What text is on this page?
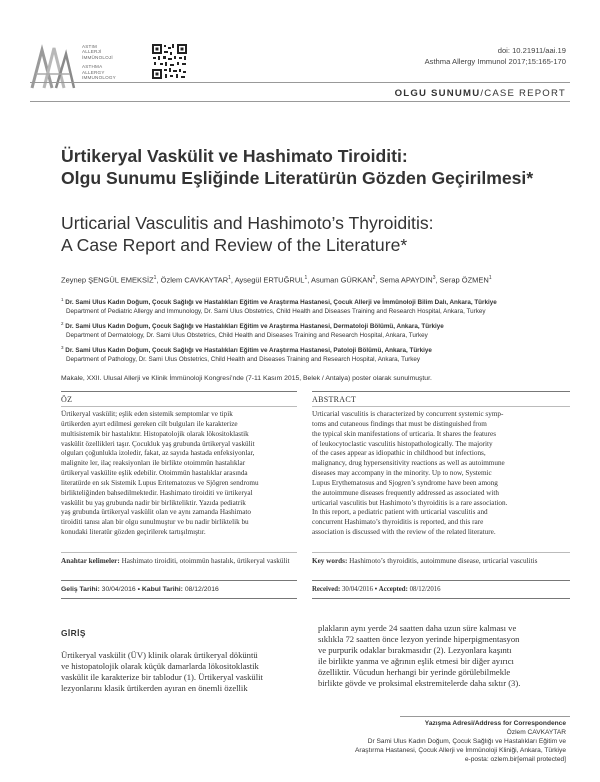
ASTIM
ALLERJİ
İMMÜNOLOJİ
ASTHMA
ALLERGY
IMMUNOLOGY
doi: 10.21911/aai.19
Asthma Allergy Immunol 2017;15:165-170
OLGU SUNUMU/CASE REPORT
Ürtikeryal Vaskülit ve Hashimato Tiroiditi:
Olgu Sunumu Eşliğinde Literatürün Gözden Geçirilmesi*
Urticarial Vasculitis and Hashimoto’s Thyroiditis:
A Case Report and Review of the Literature*
Zeynep ŞENGÜL EMEKSİZ$^1$, Özlem CAVKAYTAR$^1$, Aysegül ERTUĞRUL$^1$, Asuman GÜRKAN$^2$, Sema APAYDIN$^3$, Serap ÖZMEN$^1$
$^1$ Dr. Sami Ulus Kadın Doğum, Çocuk Sağlığı ve Hastalıkları Eğitim ve Araştırma Hastanesi, Çocuk Allerji ve İmmünoloji Bilim Dalı, Ankara, Türkiye
Department of Pediatric Allergy and Immunology, Dr. Sami Ulus Obstetrics, Child Health and Diseases Training and Research Hospital, Ankara, Turkey
$^2$ Dr. Sami Ulus Kadın Doğum, Çocuk Sağlığı ve Hastalıkları Eğitim ve Araştırma Hastanesi, Dermatoloji Bölümü, Ankara, Türkiye
Department of Dermatology, Dr. Sami Ulus Obstetrics, Child Health and Diseases Training and Research Hospital, Ankara, Turkey
$^3$ Dr. Sami Ulus Kadın Doğum, Çocuk Sağlığı ve Hastalıkları Eğitim ve Araştırma Hastanesi, Patoloji Bölümü, Ankara, Türkiye
Department of Pathology, Dr. Sami Ulus Obstetrics, Child Health and Diseases Training and Research Hospital, Ankara, Turkey
Makale, XXII. Ulusal Allerji ve Klinik İmmünoloji Kongresi’nde (7-11 Kasım 2015, Belek / Antalya) poster olarak sunulmuştur.
ÖZ
Ürtikeryal vaskülit; eşlik eden sistemik semptomlar ve tipik
ürtikerden ayırt edilmesi gereken cilt bulguları ile karakterize
multisistemik bir hastalıktır. Histopatolojik olarak lökositoklastik
vaskülit özellikleri taşır. Çocukluk yaş grubunda ürtikeryal vaskülit
olguları çoğunlukla izoledir, fakat, az sayıda hastada enfeksiyonlar,
malignite ler, ilaç reaksiyonları ile birlikte otoimmün hastalıklar
ürtikeryal vaskülite eşlik edebilir. Otoimmün hastalıklar arasında
literatürde en sık Sistemik Lupus Eritematozus ve Sjögren sendromu
birlikteliğinden bahsedilmektedir. Hashimato tiroiditi ve ürtikeryal
vaskülit bu yaş grubunda nadir bir birlikteliktir. Yazıda pediatrik
yaş grubunda ürtikeryal vaskülit olan ve aynı zamanda Hashimato
tiroiditi tanısı alan bir olgu sunulmuştur ve bu nadir birliktelik bu
konudaki literatür gözden geçirilerek tartışılmıştır.
Anahtar kelimeler: Hashimato tiroiditi, otoimmün hastalık, ürtikeryal vaskülit
Geliş Tarihi: 30/04/2016 • Kabul Tarihi: 08/12/2016
ABSTRACT
Urticarial vasculitis is characterized by concurrent systemic symp-
toms and cutaneous findings that must be distinguished from
the typical skin manifestations of urticaria. It shares the features
of leukocytoclastic vasculitis histopathologically. The majority
of the cases appear as idiopathic in childhood but infections,
malignancy, drug hypersensitivity reactions as well as autoimmune
diseases may accompany in the minority. Up to now, Systemic
Lupus Erythematosus and Sjogren’s syndrome have been among
the autoimmune diseases frequently addressed as associated with
urticarial vasculitis but Hashimoto’s thyroiditis is a rare association.
In this report, a pediatric patient with urticarial vasculitis and
concurrent Hashimato’s thyroiditis is reported, and this rare
association is discussed with the review of the related literature.
Key words: Hashimoto’s thyroiditis, autoimmune disease, urticarial vasculitis
Received: 30/04/2016 • Accepted: 08/12/2016
GİRİŞ
Ürtikeryal vaskülit (ÜV) klinik olarak ürtikeryal döküntü
ve histopatolojik olarak küçük damarlarda lökositoklastik
vaskülit ile karakterize bir tablodur (1). Ürtikeryal vaskülit
lezyonlarını klasik ürtikerden ayıran en önemli özellik
plakların aynı yerde 24 saatten daha uzun süre kalması ve
sıklıkla 72 saatten önce lezyon yerinde hiperpigmentasyon
ve purpurik odaklar bırakmasıdır (2). Lezyonlara kaşıntı
ile birlikte yanma ve ağrının eşlik etmesi bir diğer ayırıcı
özelliktir. Vücudun herhangi bir yerinde görülebilmekle
birlikte gövde ve proksimal ekstremitelerde daha sıktır (3).
Yazışma Adresi/Address for Correspondence
Özlem CAVKAYTAR
Dr Sami Ulus Kadın Doğum, Çocuk Sağlığı ve Hastalıkları Eğitim ve
Araştırma Hastanesi, Çocuk Allerji ve İmmünoloji Kliniği, Ankara, Türkiye
e-posta: ozlem.bir[email protected]
